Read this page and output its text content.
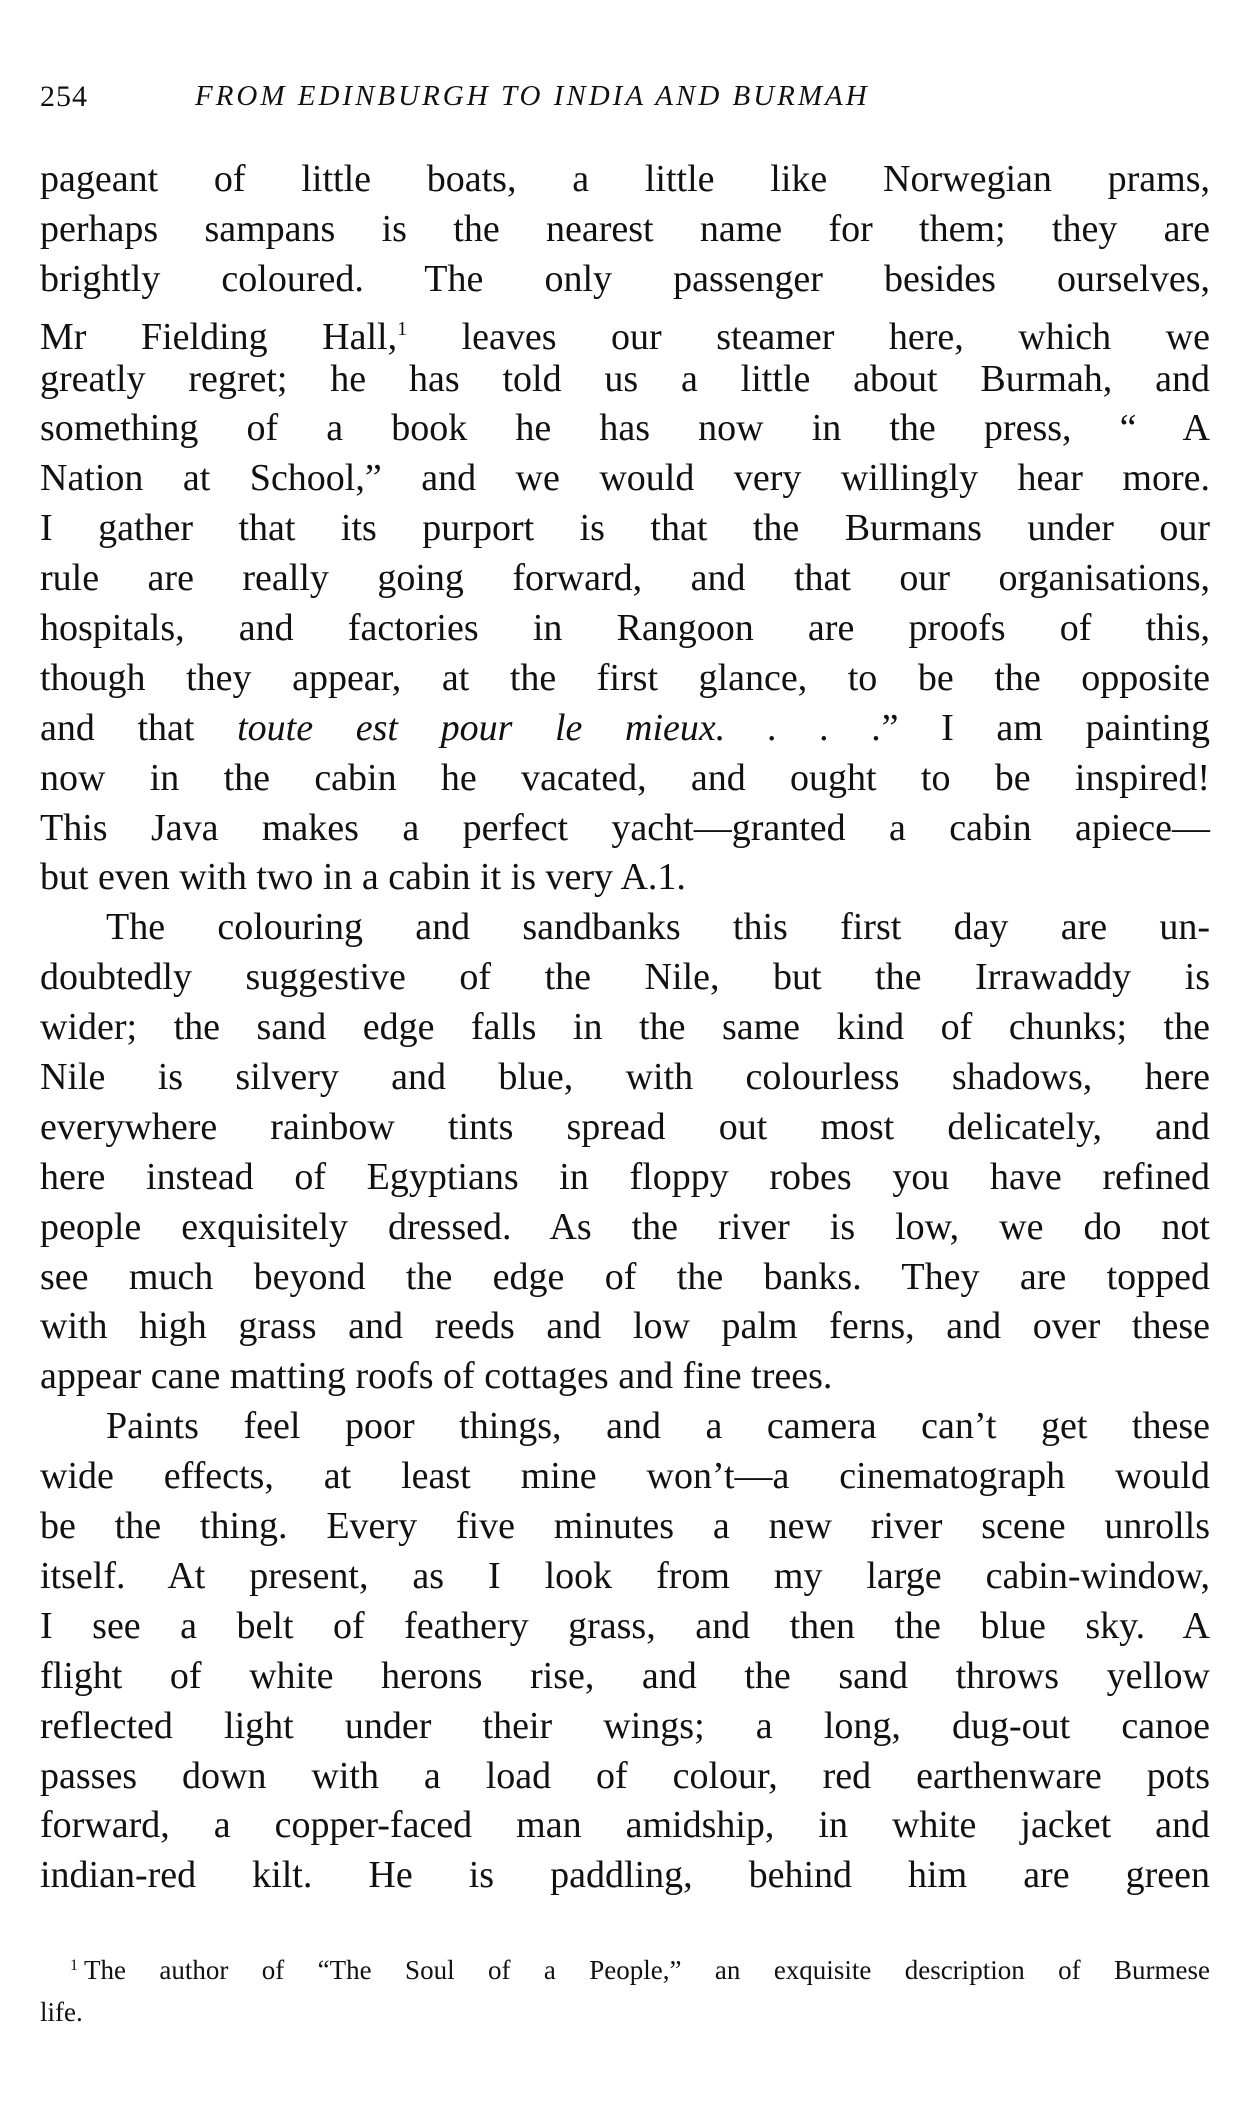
254	FROM EDINBURGH TO INDIA AND BURMAH
pageant of little boats, a little like Norwegian prams,
perhaps sampans is the nearest name for them; they are
brightly coloured. The only passenger besides ourselves,
Mr Fielding Hall,$^1$ leaves our steamer here, which we
greatly regret; he has told us a little about Burmah, and
something of a book he has now in the press, “ A
Nation at School,” and we would very willingly hear more.
I gather that its purport is that the Burmans under our
rule are really going forward, and that our organisations,
hospitals, and factories in Rangoon are proofs of this,
though they appear, at the first glance, to be the opposite
and that toute est pour le mieux. . . .” I am painting
now in the cabin he vacated, and ought to be inspired!
This Java makes a perfect yacht—granted a cabin apiece—
but even with two in a cabin it is very A.1.
The colouring and sandbanks this first day are un-
doubtedly suggestive of the Nile, but the Irrawaddy is
wider; the sand edge falls in the same kind of chunks; the
Nile is silvery and blue, with colourless shadows, here
everywhere rainbow tints spread out most delicately, and
here instead of Egyptians in floppy robes you have refined
people exquisitely dressed. As the river is low, we do not
see much beyond the edge of the banks. They are topped
with high grass and reeds and low palm ferns, and over these
appear cane matting roofs of cottages and fine trees.
Paints feel poor things, and a camera can’t get these
wide effects, at least mine won’t—a cinematograph would
be the thing. Every five minutes a new river scene unrolls
itself. At present, as I look from my large cabin-window,
I see a belt of feathery grass, and then the blue sky. A
flight of white herons rise, and the sand throws yellow
reflected light under their wings; a long, dug-out canoe
passes down with a load of colour, red earthenware pots
forward, a copper-faced man amidship, in white jacket and
indian-red kilt. He is paddling, behind him are green
$^1$ The author of “The Soul of a People,” an exquisite description of Burmese
life.
